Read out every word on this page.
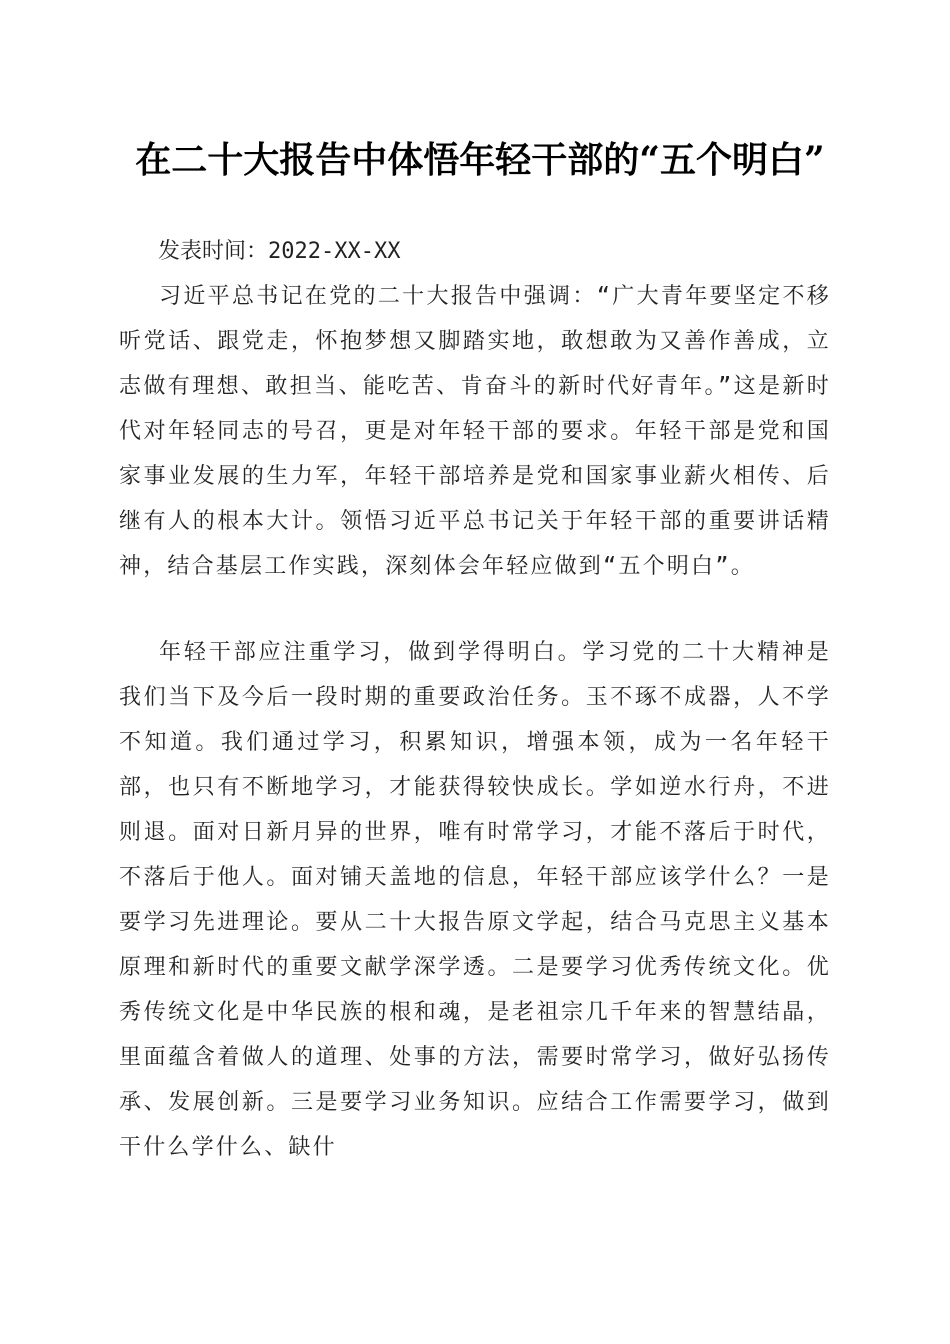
在二十大报告中体悟年轻干部的“五个明白”
发表时间：2022-XX-XX

习近平总书记在党的二十大报告中强调：“广大青年要坚定不移听党话、跟党走，怀抱梦想又脚踏实地，敢想敢为又善作善成，立志做有理想、敢担当、能吃苦、肯奋斗的新时代好青年。”这是新时代对年轻同志的号召，更是对年轻干部的要求。年轻干部是党和国家事业发展的生力军，年轻干部培养是党和国家事业薪火相传、后继有人的根本大计。领悟习近平总书记关于年轻干部的重要讲话精神，结合基层工作实践，深刻体会年轻应做到“五个明白”。

年轻干部应注重学习，做到学得明白。学习党的二十大精神是我们当下及今后一段时期的重要政治任务。玉不琢不成器，人不学不知道。我们通过学习，积累知识，增强本领，成为一名年轻干部，也只有不断地学习，才能获得较快成长。学如逆水行舟，不进则退。面对日新月异的世界，唯有时常学习，才能不落后于时代，不落后于他人。面对铺天盖地的信息，年轻干部应该学什么？一是要学习先进理论。要从二十大报告原文学起，结合马克思主义基本原理和新时代的重要文献学深学透。二是要学习优秀传统文化。优秀传统文化是中华民族的根和魂，是老祖宗几千年来的智慧结晶，里面蕴含着做人的道理、处事的方法，需要时常学习，做好弘扬传承、发展创新。三是要学习业务知识。应结合工作需要学习，做到干什么学什么、缺什
